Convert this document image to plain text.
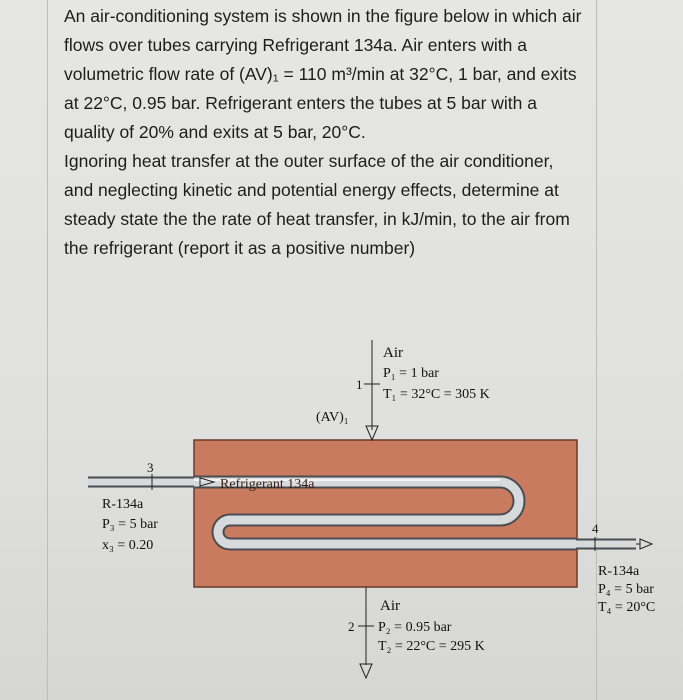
An air-conditioning system is shown in the figure below in which air flows over tubes carrying Refrigerant 134a. Air enters with a volumetric flow rate of (AV)₁ = 110 m³/min at 32°C, 1 bar, and exits at 22°C, 0.95 bar. Refrigerant enters the tubes at 5 bar with a quality of 20% and exits at 5 bar, 20°C.

Ignoring heat transfer at the outer surface of the air conditioner, and neglecting kinetic and potential energy effects, determine at steady state the the rate of heat transfer, in kJ/min, to the air from the refrigerant (report it as a positive number)

1
Air
P₁ = 1 bar
T₁ = 32°C = 305 K
(AV)₁
Refrigerant 134a
3
R-134a
P₃ = 5 bar
x₃ = 0.20
4
R-134a
P₄ = 5 bar
T₄ = 20°C
Air
2 P₂ = 0.95 bar
T₂ = 22°C = 295 K
